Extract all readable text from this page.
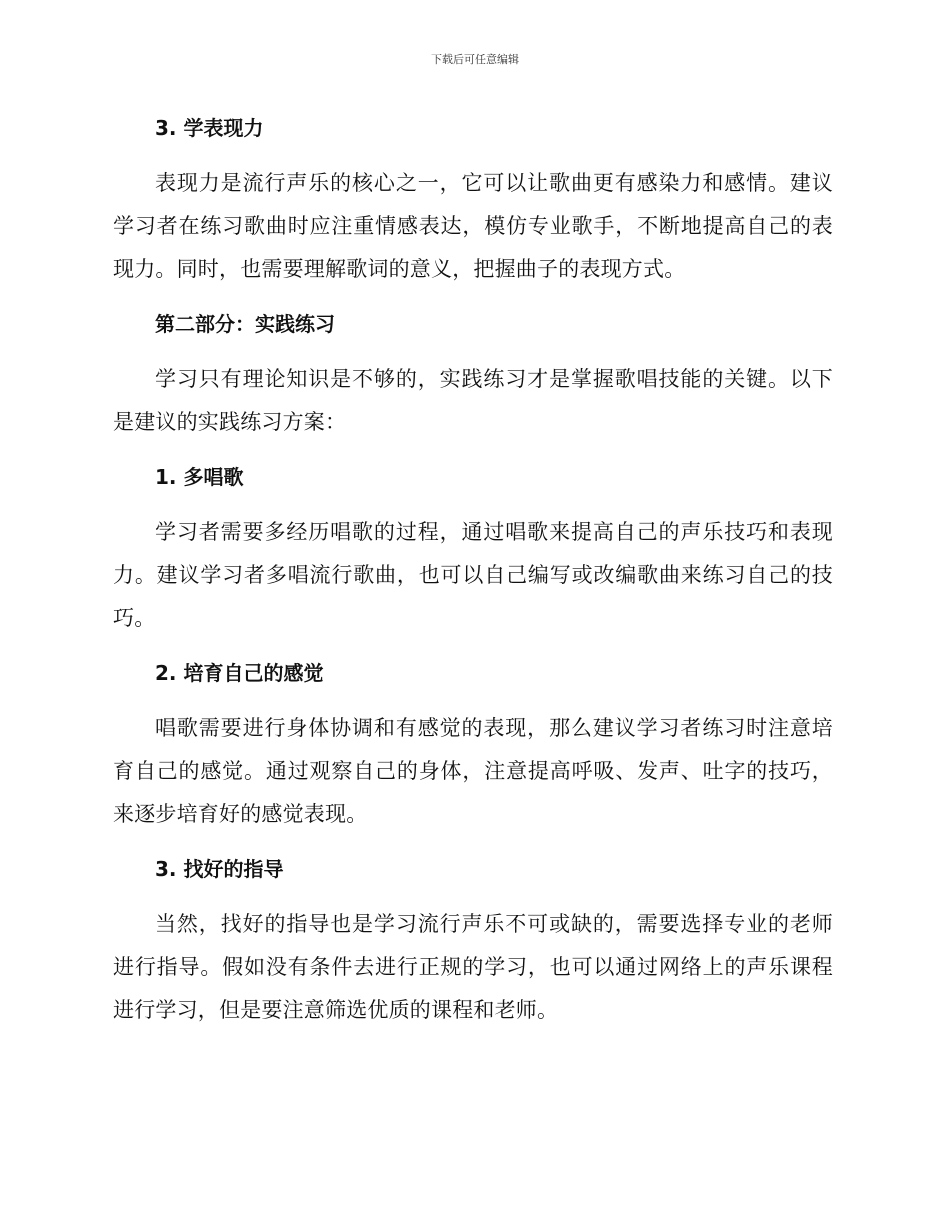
下载后可任意编辑
3. 学表现力

表现力是流行声乐的核心之一，它可以让歌曲更有感染力和感情。建议学习者在练习歌曲时应注重情感表达，模仿专业歌手，不断地提高自己的表现力。同时，也需要理解歌词的意义，把握曲子的表现方式。

第二部分：实践练习

学习只有理论知识是不够的，实践练习才是掌握歌唱技能的关键。以下是建议的实践练习方案：

1. 多唱歌

学习者需要多经历唱歌的过程，通过唱歌来提高自己的声乐技巧和表现力。建议学习者多唱流行歌曲，也可以自己编写或改编歌曲来练习自己的技巧。

2. 培育自己的感觉

唱歌需要进行身体协调和有感觉的表现，那么建议学习者练习时注意培育自己的感觉。通过观察自己的身体，注意提高呼吸、发声、吐字的技巧，来逐步培育好的感觉表现。

3. 找好的指导

当然，找好的指导也是学习流行声乐不可或缺的，需要选择专业的老师进行指导。假如没有条件去进行正规的学习，也可以通过网络上的声乐课程进行学习，但是要注意筛选优质的课程和老师。
